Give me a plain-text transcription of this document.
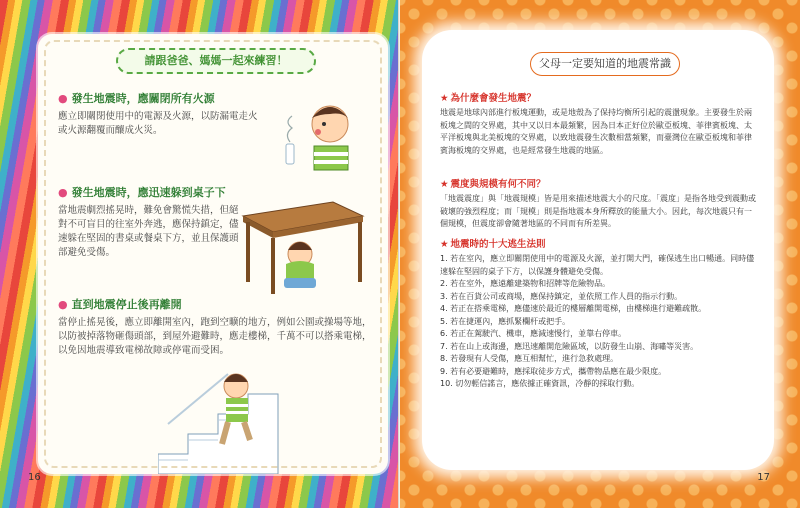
請跟爸爸、媽媽一起來練習！
● 發生地震時，應關閉所有火源

應立即關閉使用中的電源及火源，以防漏電走火或火源翻覆而釀成火災。

● 發生地震時，應迅速躲到桌子下

當地震劇烈搖晃時，難免會驚慌失措，但絕對不可盲目的往室外奔逃，應保持鎮定，儘速躲在堅固的書桌或餐桌下方，並且保護頭部避免受傷。

● 直到地震停止後再離開

當停止搖晃後，應立即離開室內，跑到空曠的地方，例如公園或操場等地，以防被掉落物砸傷頭部，到屋外避難時，應走樓梯，千萬不可以搭乘電梯，以免因地震導致電梯故障或停電而受困。

16
父母一定要知道的地震常識
★ 為什麼會發生地震？

地震是地球內部進行板塊運動，或是地殼為了保持均衡所引起的震盪現象。主要發生於兩板塊之間的交界處，其中又以日本最頻繁，因為日本正好位於歐亞板塊、菲律賓板塊、太平洋板塊與北美板塊的交界處，以致地震發生次數相當頻繁，而臺灣位在歐亞板塊和菲律賓海板塊的交界處，也是經常發生地震的地區。

★ 震度與規模有何不同？

「地震震度」與「地震規模」皆是用來描述地震大小的尺度。「震度」是指各地受到震動或破壞的強烈程度；而「規模」則是指地震本身所釋放的能量大小。因此，每次地震只有一個規模，但震度卻會隨著地區的不同而有所差異。

★ 地震時的十大逃生法則
1. 若在室內，應立即關閉使用中的電源及火源，並打開大門，確保逃生出口暢通。同時儘速躲在堅固的桌子下方，以保護身體避免受傷。
2. 若在室外，應遠離建築物和招牌等危險物品。
3. 若在百貨公司或商場，應保持鎮定，並依照工作人員的指示行動。
4. 若正在搭乘電梯，應儘速於最近的樓層離開電梯，由樓梯進行避難疏散。
5. 若在捷運內，應抓緊欄杆或把手。
6. 若正在駕駛汽、機車，應減速慢行，並靠右停車。
7. 若在山上或海邊，應迅速離開危險區域，以防發生山崩、海嘯等災害。
8. 若發現有人受傷，應互相幫忙，進行急救處理。
9. 若有必要避難時，應採取徒步方式，攜帶物品應在最少限度。
10. 切勿輕信謠言，應依據正確資訊，冷靜的採取行動。
17
